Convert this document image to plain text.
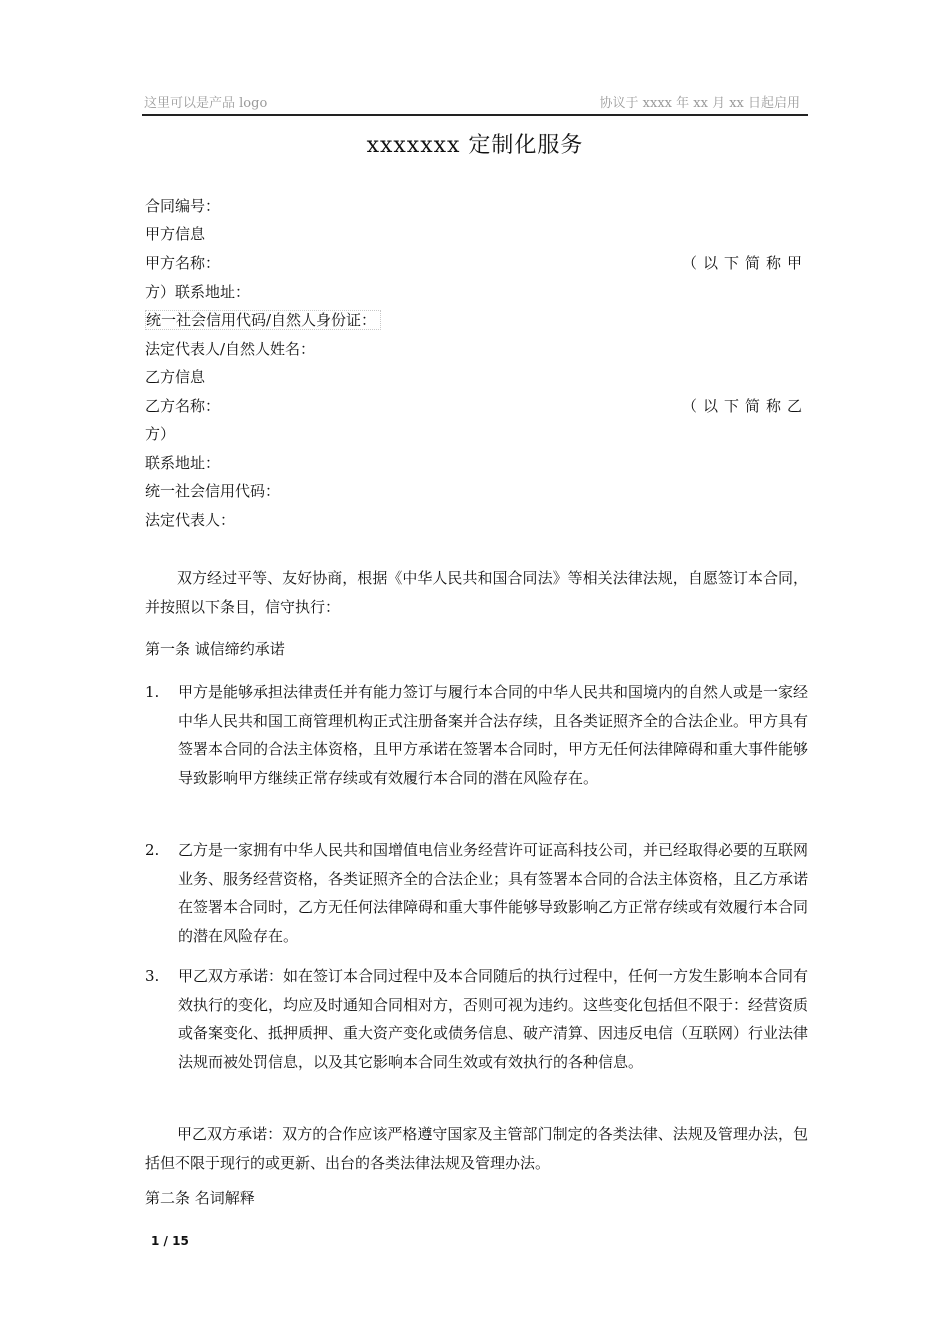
这里可以是产品 logo	协议于 xxxx 年 xx 月 xx 日起启用
xxxxxxx 定制化服务
合同编号：
甲方信息
甲方名称：	（以下简称甲
方）联系地址：
统一社会信用代码/自然人身份证：
法定代表人/自然人姓名：
乙方信息
乙方名称：	（以下简称乙
方）
联系地址：
统一社会信用代码：
法定代表人：

双方经过平等、友好协商，根据《中华人民共和国合同法》等相关法律法规，自愿签订本合同，并按照以下条目，信守执行：

第一条 诚信缔约承诺
1. 甲方是能够承担法律责任并有能力签订与履行本合同的中华人民共和国境内的自然人或是一家经中华人民共和国工商管理机构正式注册备案并合法存续，且各类证照齐全的合法企业。甲方具有签署本合同的合法主体资格，且甲方承诺在签署本合同时，甲方无任何法律障碍和重大事件能够导致影响甲方继续正常存续或有效履行本合同的潜在风险存在。

2. 乙方是一家拥有中华人民共和国增值电信业务经营许可证高科技公司，并已经取得必要的互联网业务、服务经营资格，各类证照齐全的合法企业；具有签署本合同的合法主体资格，且乙方承诺在签署本合同时，乙方无任何法律障碍和重大事件能够导致影响乙方正常存续或有效履行本合同的潜在风险存在。

3. 甲乙双方承诺：如在签订本合同过程中及本合同随后的执行过程中，任何一方发生影响本合同有效执行的变化，均应及时通知合同相对方，否则可视为违约。这些变化包括但不限于：经营资质或备案变化、抵押质押、重大资产变化或债务信息、破产清算、因违反电信（互联网）行业法律法规而被处罚信息，以及其它影响本合同生效或有效执行的各种信息。

甲乙双方承诺：双方的合作应该严格遵守国家及主管部门制定的各类法律、法规及管理办法，包括但不限于现行的或更新、出台的各类法律法规及管理办法。

第二条 名词解释
1 / 15
